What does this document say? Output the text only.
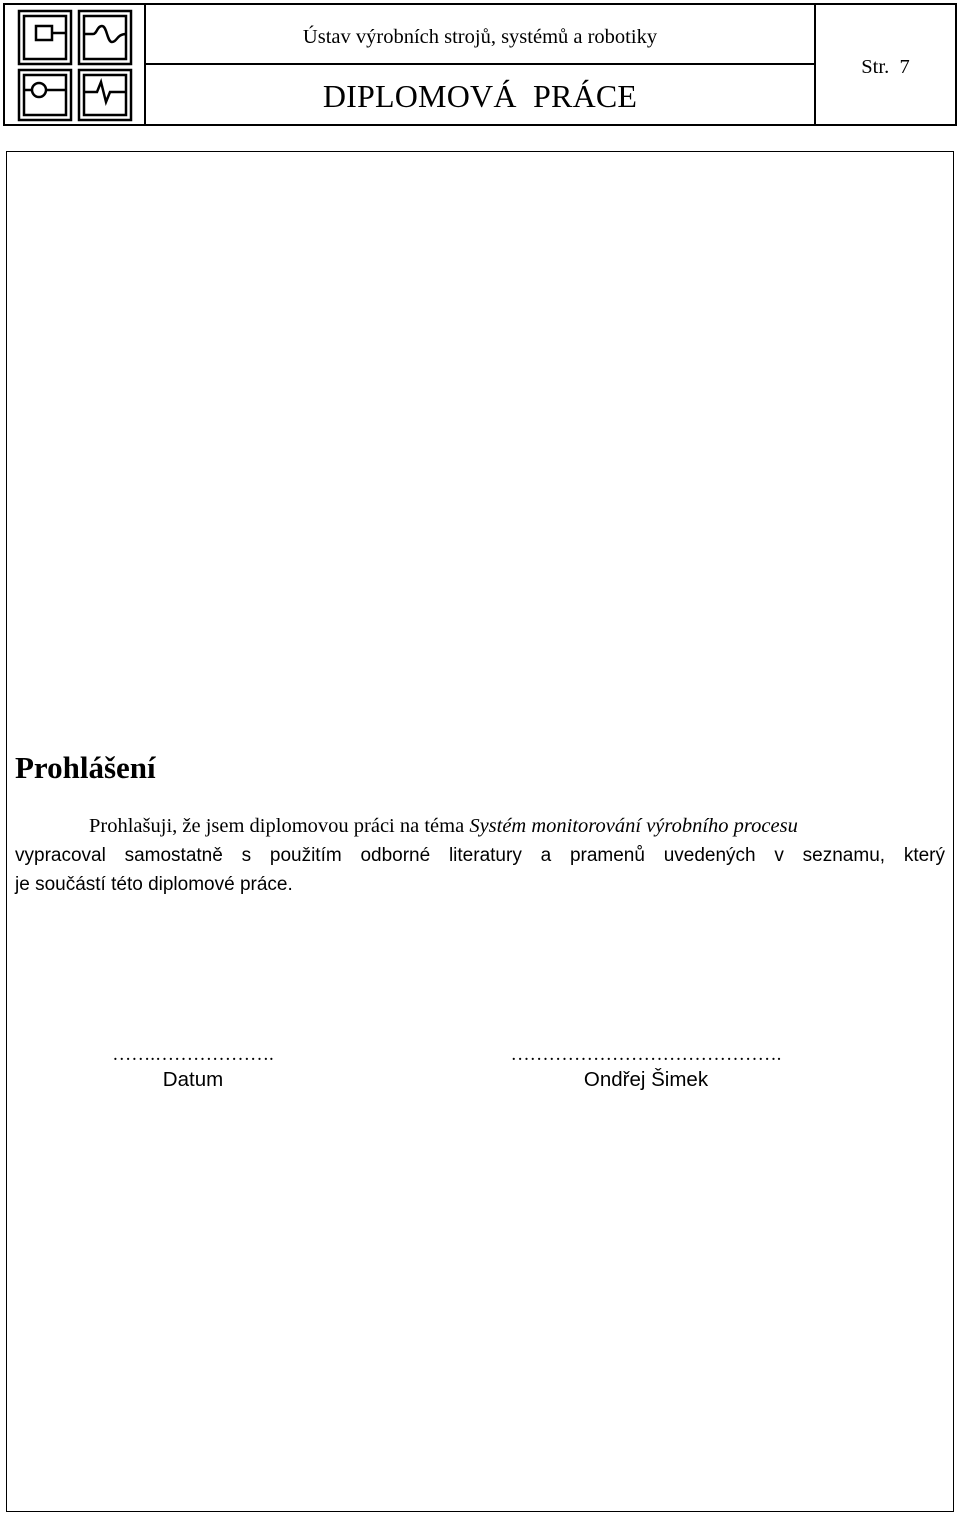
Ústav výrobních strojů, systémů a robotiky
DIPLOMOVÁ  PRÁCE
Str.  7
Prohlášení
Prohlašuji, že jsem diplomovou práci na téma Systém monitorování výrobního procesu
vypracoval samostatně s použitím odborné literatury a pramenů uvedených v seznamu, který
je součástí této diplomové práce.
…….……………….
Datum
…………………………………….
Ondřej Šimek
